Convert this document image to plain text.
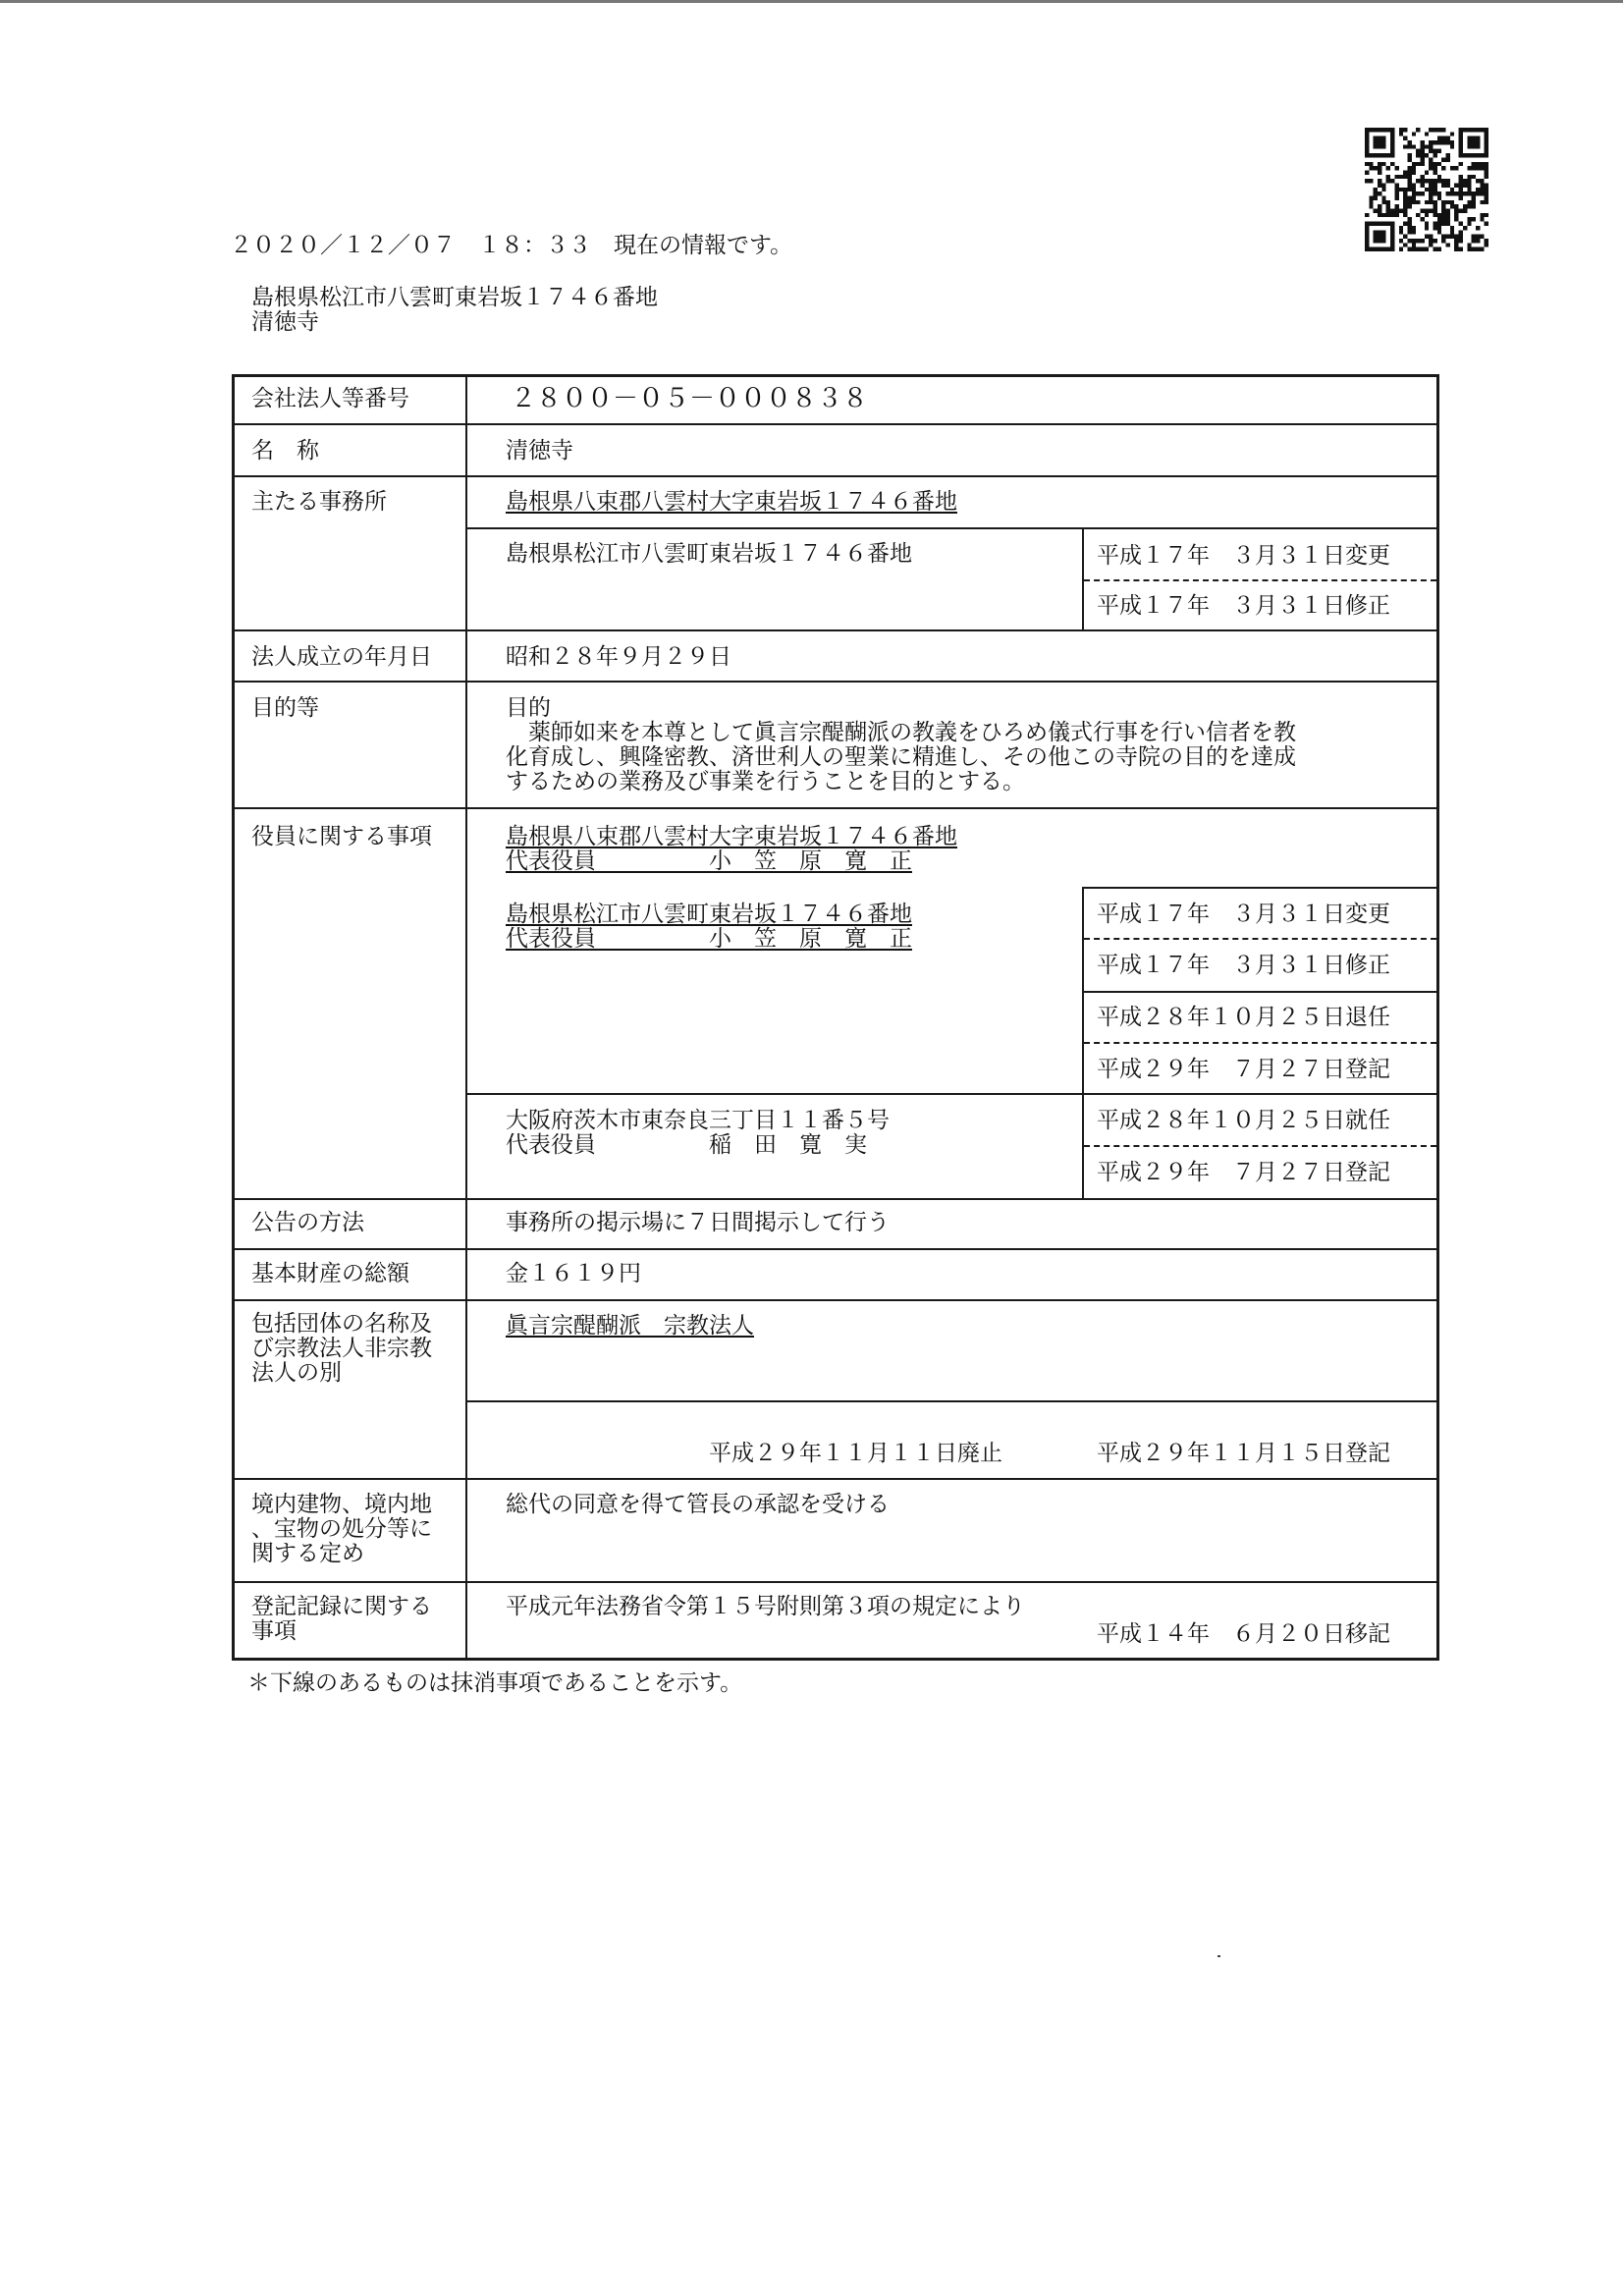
２０２０／１２／０７　１８：３３　現在の情報です。

島根県松江市八雲町東岩坂１７４６番地

清徳寺

会社法人等番号

名　称

主たる事務所

法人成立の年月日

目的等

役員に関する事項

公告の方法

基本財産の総額

包括団体の名称及

び宗教法人非宗教

法人の別

境内建物、境内地

、宝物の処分等に

関する定め

登記記録に関する

事項

２８００－０５－０００８３８

清徳寺

島根県八束郡八雲村大字東岩坂１７４６番地

島根県松江市八雲町東岩坂１７４６番地	平成１７年　３月３１日変更

平成１７年　３月３１日修正

昭和２８年９月２９日

目的

　薬師如来を本尊として眞言宗醍醐派の教義をひろめ儀式行事を行い信者を教

化育成し、興隆密教、済世利人の聖業に精進し、その他この寺院の目的を達成

するための業務及び事業を行うことを目的とする。

島根県八束郡八雲村大字東岩坂１７４６番地

代表役員　　　　　小　笠　原　寛　正

島根県松江市八雲町東岩坂１７４６番地

代表役員　　　　　小　笠　原　寛　正

平成１７年　３月３１日変更

平成１７年　３月３１日修正

平成２８年１０月２５日退任

平成２９年　７月２７日登記

大阪府茨木市東奈良三丁目１１番５号

代表役員　　　　　稲　田　寛　実

平成２８年１０月２５日就任

平成２９年　７月２７日登記

事務所の掲示場に７日間掲示して行う

金１６１９円

眞言宗醍醐派　宗教法人

平成２９年１１月１１日廃止	平成２９年１１月１５日登記

総代の同意を得て管長の承認を受ける

平成元年法務省令第１５号附則第３項の規定により

平成１４年　６月２０日移記

＊下線のあるものは抹消事項であることを示す。
